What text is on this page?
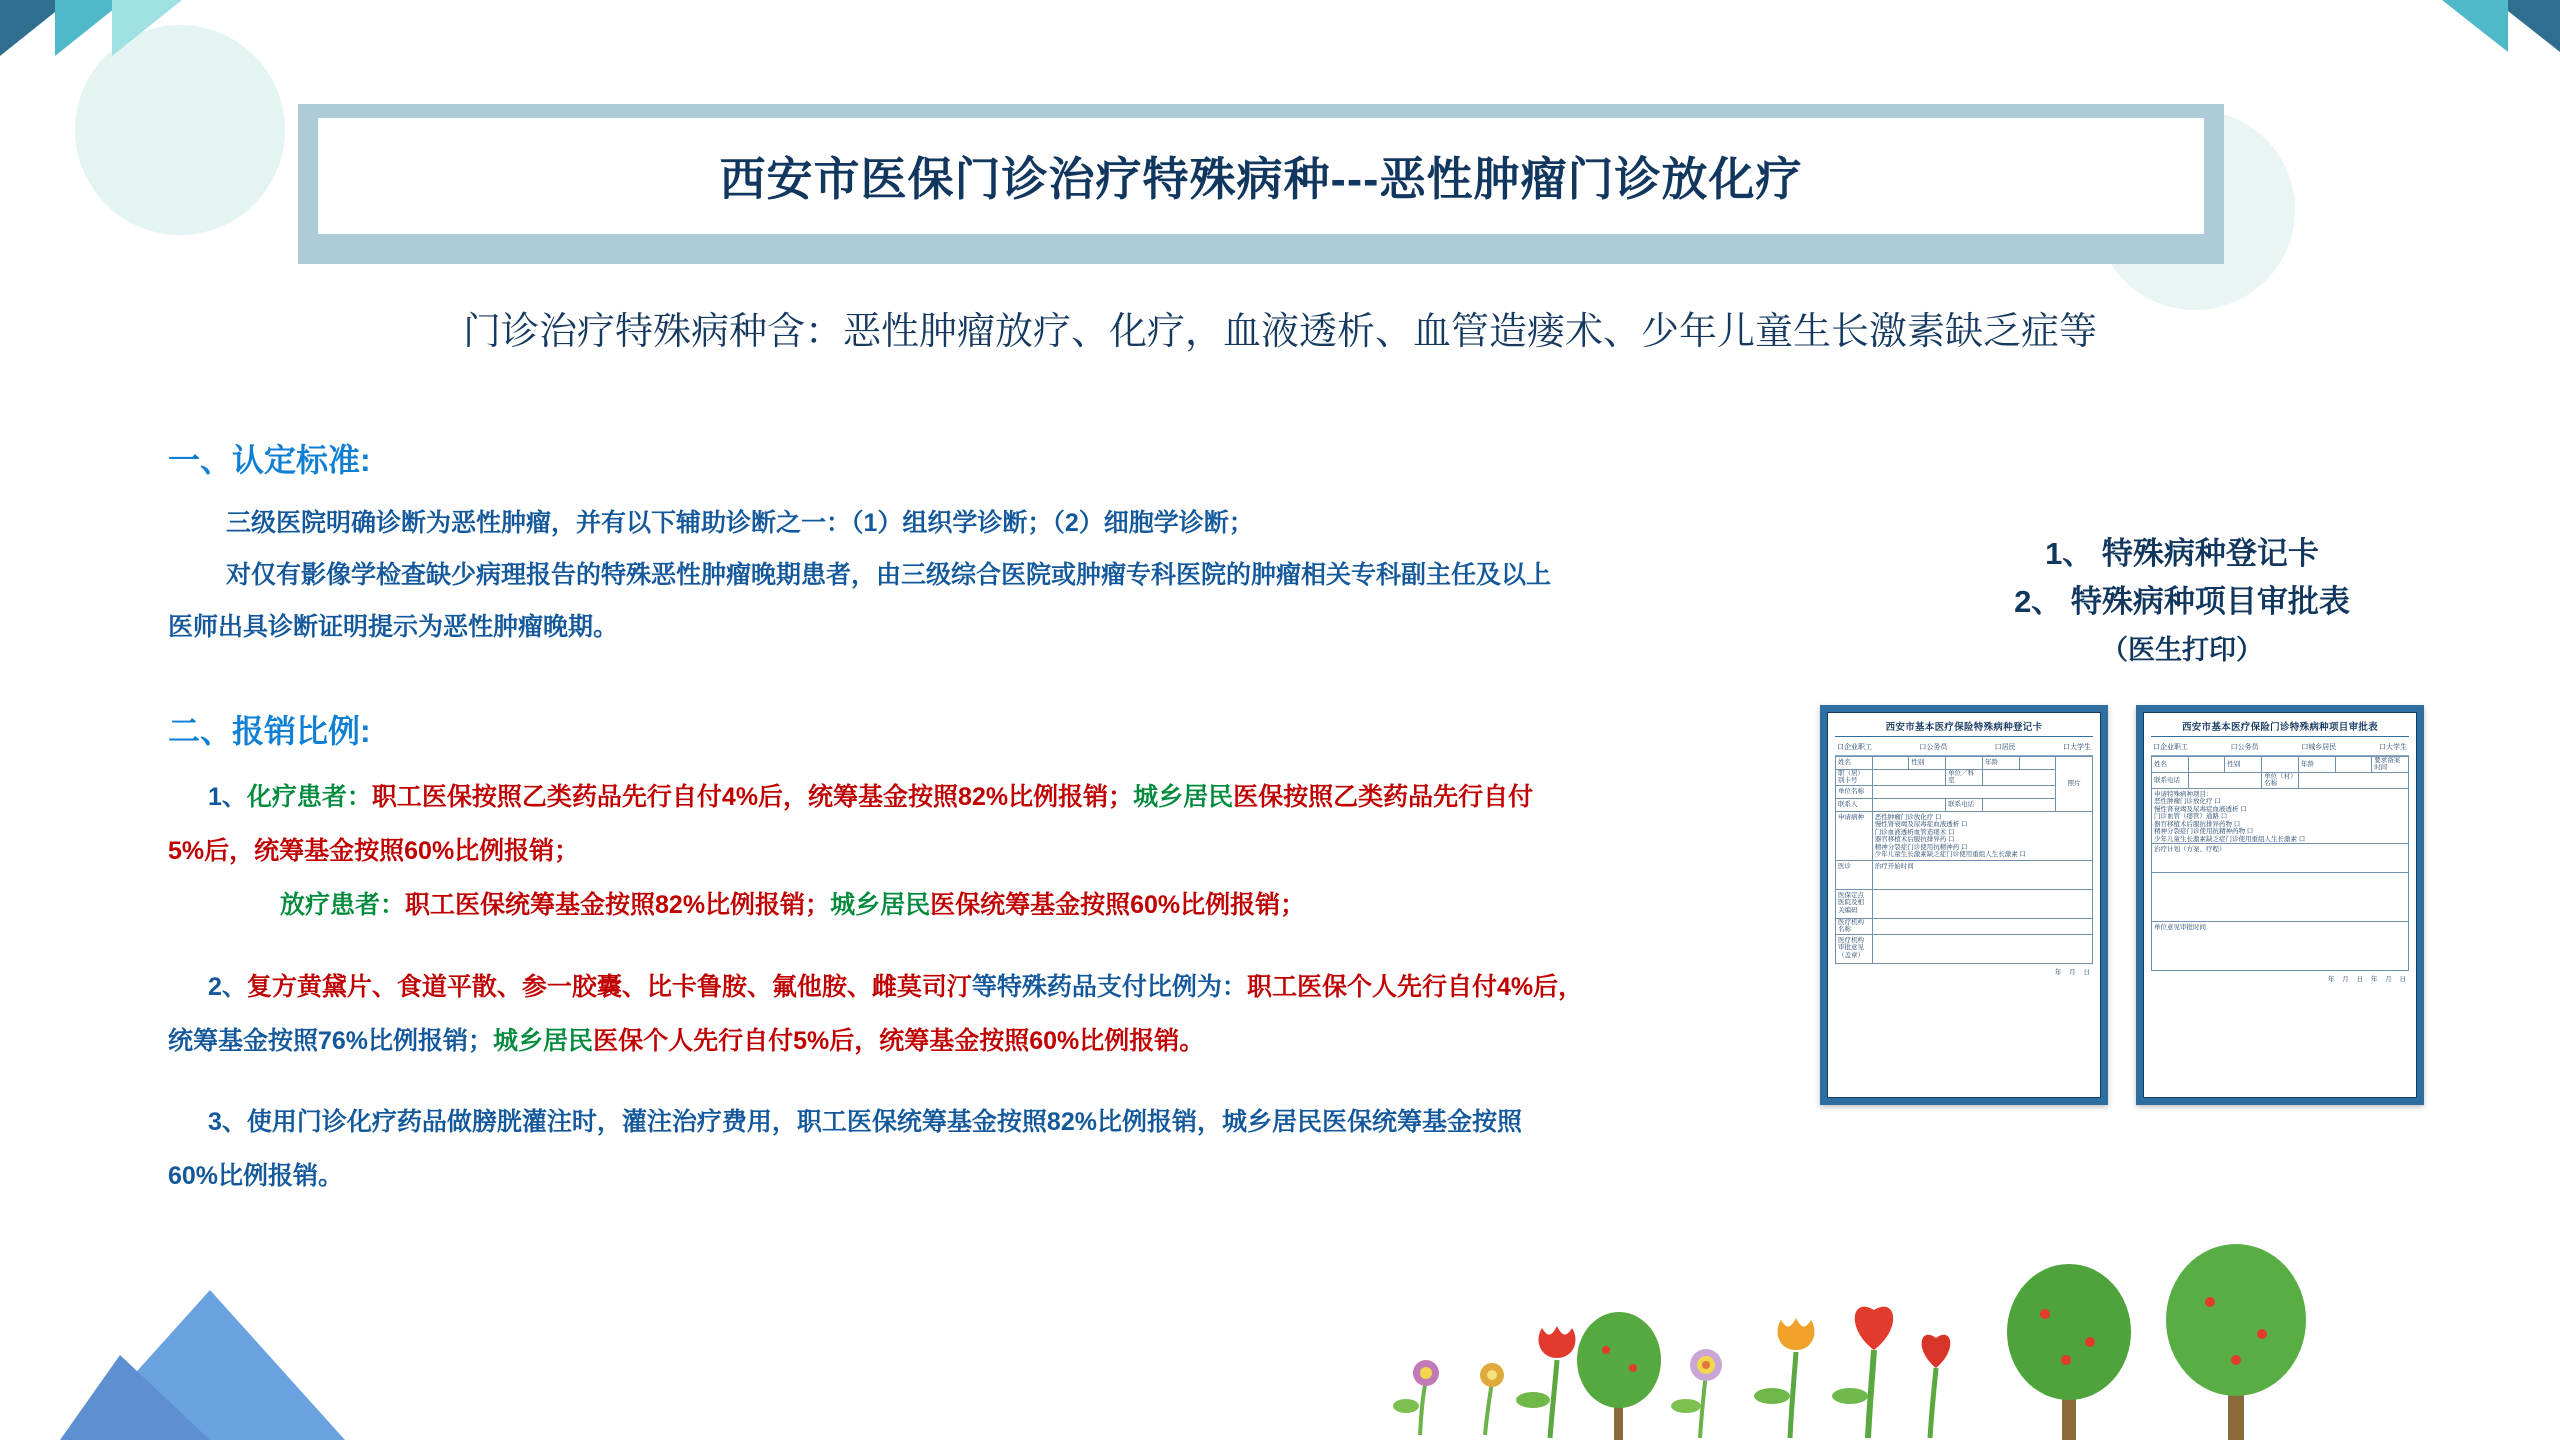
西安市医保门诊治疗特殊病种---恶性肿瘤门诊放化疗
门诊治疗特殊病种含：恶性肿瘤放疗、化疗，血液透析、血管造瘘术、少年儿童生长激素缺乏症等
一、认定标准:
三级医院明确诊断为恶性肿瘤，并有以下辅助诊断之一：（1）组织学诊断；（2）细胞学诊断；
对仅有影像学检查缺少病理报告的特殊恶性肿瘤晚期患者，由三级综合医院或肿瘤专科医院的肿瘤相关专科副主任及以上
医师出具诊断证明提示为恶性肿瘤晚期。
二、报销比例:
1、化疗患者：职工医保按照乙类药品先行自付4%后，统筹基金按照82%比例报销；城乡居民医保按照乙类药品先行自付
5%后，统筹基金按照60%比例报销；
放疗患者：职工医保统筹基金按照82%比例报销；城乡居民医保统筹基金按照60%比例报销；
2、复方黄黛片、食道平散、参一胶囊、比卡鲁胺、氟他胺、雌莫司汀等特殊药品支付比例为：职工医保个人先行自付4%后，
统筹基金按照76%比例报销；城乡居民医保个人先行自付5%后，统筹基金按照60%比例报销。
3、使用门诊化疗药品做膀胱灌注时，灌注治疗费用，职工医保统筹基金按照82%比例报销，城乡居民医保统筹基金按照
60%比例报销。
1、 特殊病种登记卡
2、 特殊病种项目审批表
（医生打印）
西安市基本医疗保险特殊病种登记卡
口企业职工	口公务员	口居民	口大学生
姓名		性别		年龄		照片
职（居）别卡号			单位／科室			
单位名称						
联系人			联系电话			
申请病种	恶性肿瘤门诊放化疗 口
慢性肾衰竭及尿毒症血液透析 口
门诊血液透析血管造瘘术 口
器官移植术后服抗排异药 口
精神分裂症门诊使用抗精神药 口
少年儿童生长激素缺乏症门诊使用重组人生长激素 口

医诊	治疗开始时间					
医保定点医院及相关编码						
医疗机构名称						
医疗机构审批意见（盖章）						
年 月 日
西安市基本医疗保险门诊特殊病种项目审批表
口企业职工	口公务员	口城乡居民	口大学生
姓名		性别		年龄		要求备案时间
联系电话			单位（村）名称			

申请特殊病种项目：
恶性肿瘤门诊放化疗 口
慢性肾衰竭及尿毒症血液透析 口
门诊血管（瘘管）通路 口
器官移植术后服抗排异药物 口
精神分裂症门诊使用抗精神药物 口
少年儿童生长激素缺乏症门诊使用重组人生长激素 口

治疗计划（方案、疗程）						

单位意见审批时间						
年 月 日 年 月 日
